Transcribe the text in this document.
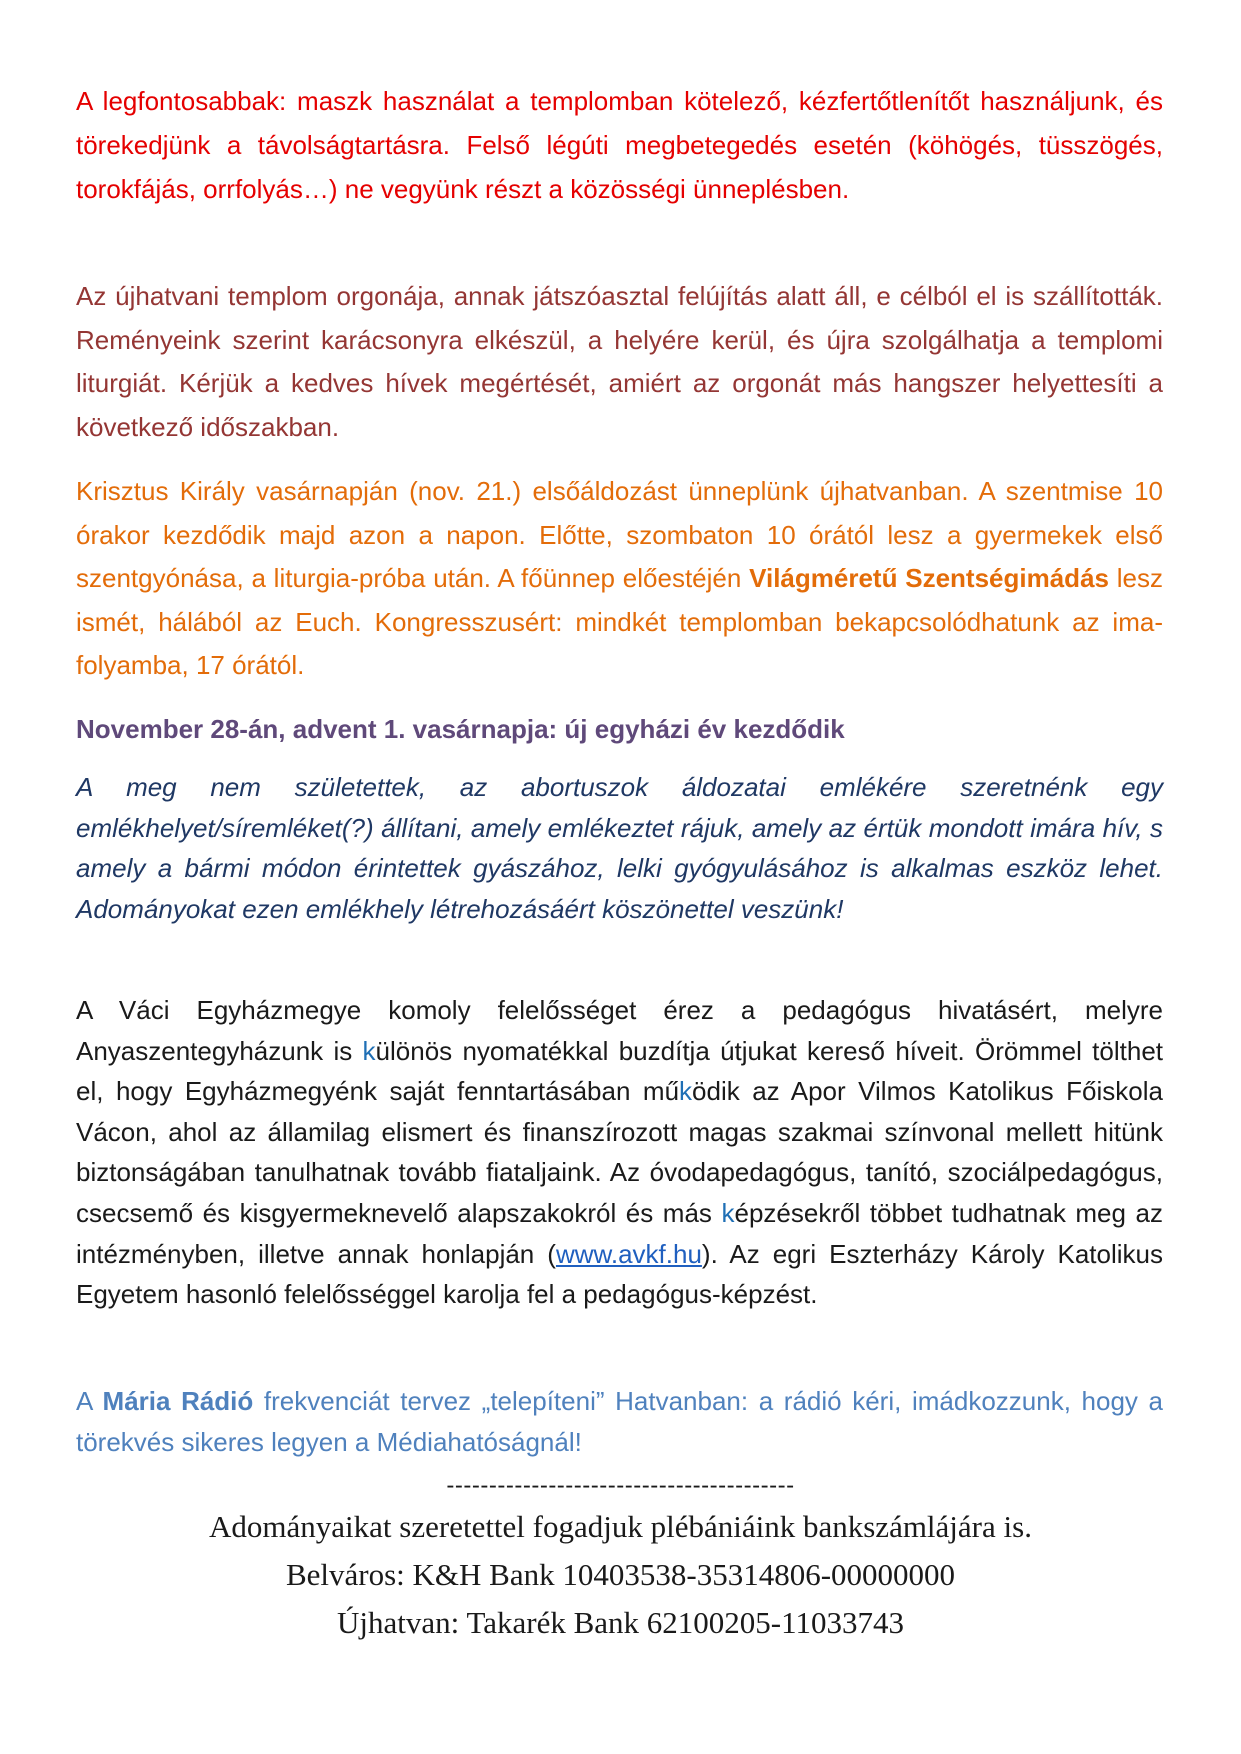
A legfontosabbak: maszk használat a templomban kötelező, kézfertőtlenítőt használjunk, és törekedjünk a távolságtartásra. Felső légúti megbetegedés esetén (köhögés, tüsszögés, torokfájás, orrfolyás…) ne vegyünk részt a közösségi ünneplésben.

Az újhatvani templom orgonája, annak játszóasztal felújítás alatt áll, e célból el is szállították. Reményeink szerint karácsonyra elkészül, a helyére kerül, és újra szolgálhatja a templomi liturgiát. Kérjük a kedves hívek megértését, amiért az orgonát más hangszer helyettesíti a következő időszakban.

Krisztus Király vasárnapján (nov. 21.) elsőáldozást ünneplünk újhatvanban. A szentmise 10 órakor kezdődik majd azon a napon. Előtte, szombaton 10 órától lesz a gyermekek első szentgyónása, a liturgia-próba után. A főünnep előestéjén Világméretű Szentségimádás lesz ismét, hálából az Euch. Kongresszusért: mindkét templomban bekapcsolódhatunk az ima-folyamba, 17 órától.

November 28-án, advent 1. vasárnapja: új egyházi év kezdődik

A meg nem születettek, az abortuszok áldozatai emlékére szeretnénk egy emlékhelyet/síremléket(?) állítani, amely emlékeztet rájuk, amely az értük mondott imára hív, s amely a bármi módon érintettek gyászához, lelki gyógyulásához is alkalmas eszköz lehet. Adományokat ezen emlékhely létrehozásáért köszönettel veszünk!

A Váci Egyházmegye komoly felelősséget érez a pedagógus hivatásért, melyre Anyaszentegyházunk is különös nyomatékkal buzdítja útjukat kereső híveit. Örömmel tölthet el, hogy Egyházmegyénk saját fenntartásában működik az Apor Vilmos Katolikus Főiskola Vácon, ahol az államilag elismert és finanszírozott magas szakmai színvonal mellett hitünk biztonságában tanulhatnak tovább fiataljaink. Az óvodapedagógus, tanító, szociálpedagógus, csecsemő és kisgyermeknevelő alapszakokról és más képzésekről többet tudhatnak meg az intézményben, illetve annak honlapján (www.avkf.hu). Az egri Eszterházy Károly Katolikus Egyetem hasonló felelősséggel karolja fel a pedagógus-képzést.

A Mária Rádió frekvenciát tervez „telepíteni” Hatvanban: a rádió kéri, imádkozzunk, hogy a törekvés sikeres legyen a Médiahatóságnál!

-----------------------------------------
Adományaikat szeretettel fogadjuk plébániáink bankszámlájára is.
Belváros: K&H Bank 10403538-35314806-00000000
Újhatvan: Takarék Bank 62100205-11033743
